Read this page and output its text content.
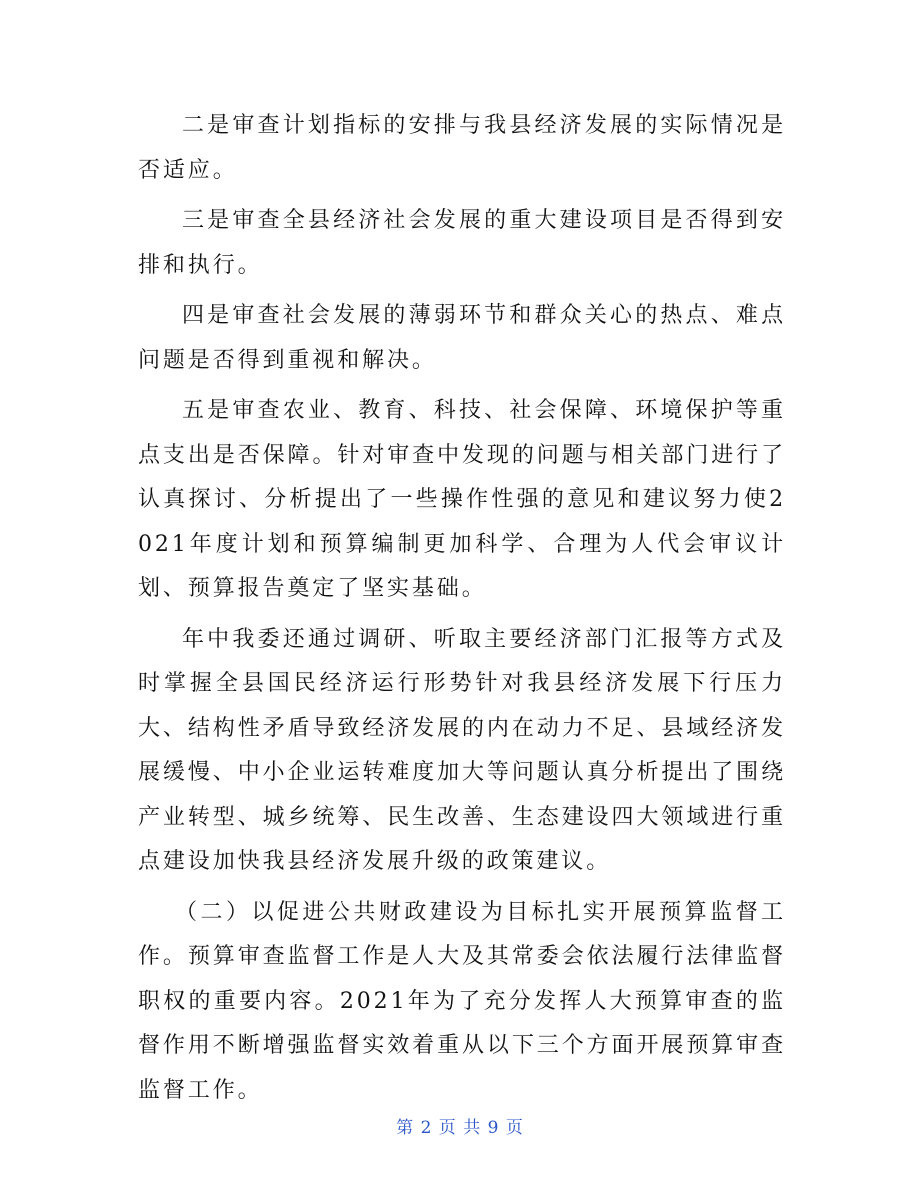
二是审查计划指标的安排与我县经济发展的实际情况是否适应。

三是审查全县经济社会发展的重大建设项目是否得到安排和执行。

四是审查社会发展的薄弱环节和群众关心的热点、难点问题是否得到重视和解决。

五是审查农业、教育、科技、社会保障、环境保护等重点支出是否保障。针对审查中发现的问题与相关部门进行了认真探讨、分析提出了一些操作性强的意见和建议努力使2021年度计划和预算编制更加科学、合理为人代会审议计划、预算报告奠定了坚实基础。

年中我委还通过调研、听取主要经济部门汇报等方式及时掌握全县国民经济运行形势针对我县经济发展下行压力大、结构性矛盾导致经济发展的内在动力不足、县域经济发展缓慢、中小企业运转难度加大等问题认真分析提出了围绕产业转型、城乡统筹、民生改善、生态建设四大领域进行重点建设加快我县经济发展升级的政策建议。

（二）以促进公共财政建设为目标扎实开展预算监督工作。预算审查监督工作是人大及其常委会依法履行法律监督职权的重要内容。2021年为了充分发挥人大预算审查的监督作用不断增强监督实效着重从以下三个方面开展预算审查监督工作。

第 2 页 共 9 页
